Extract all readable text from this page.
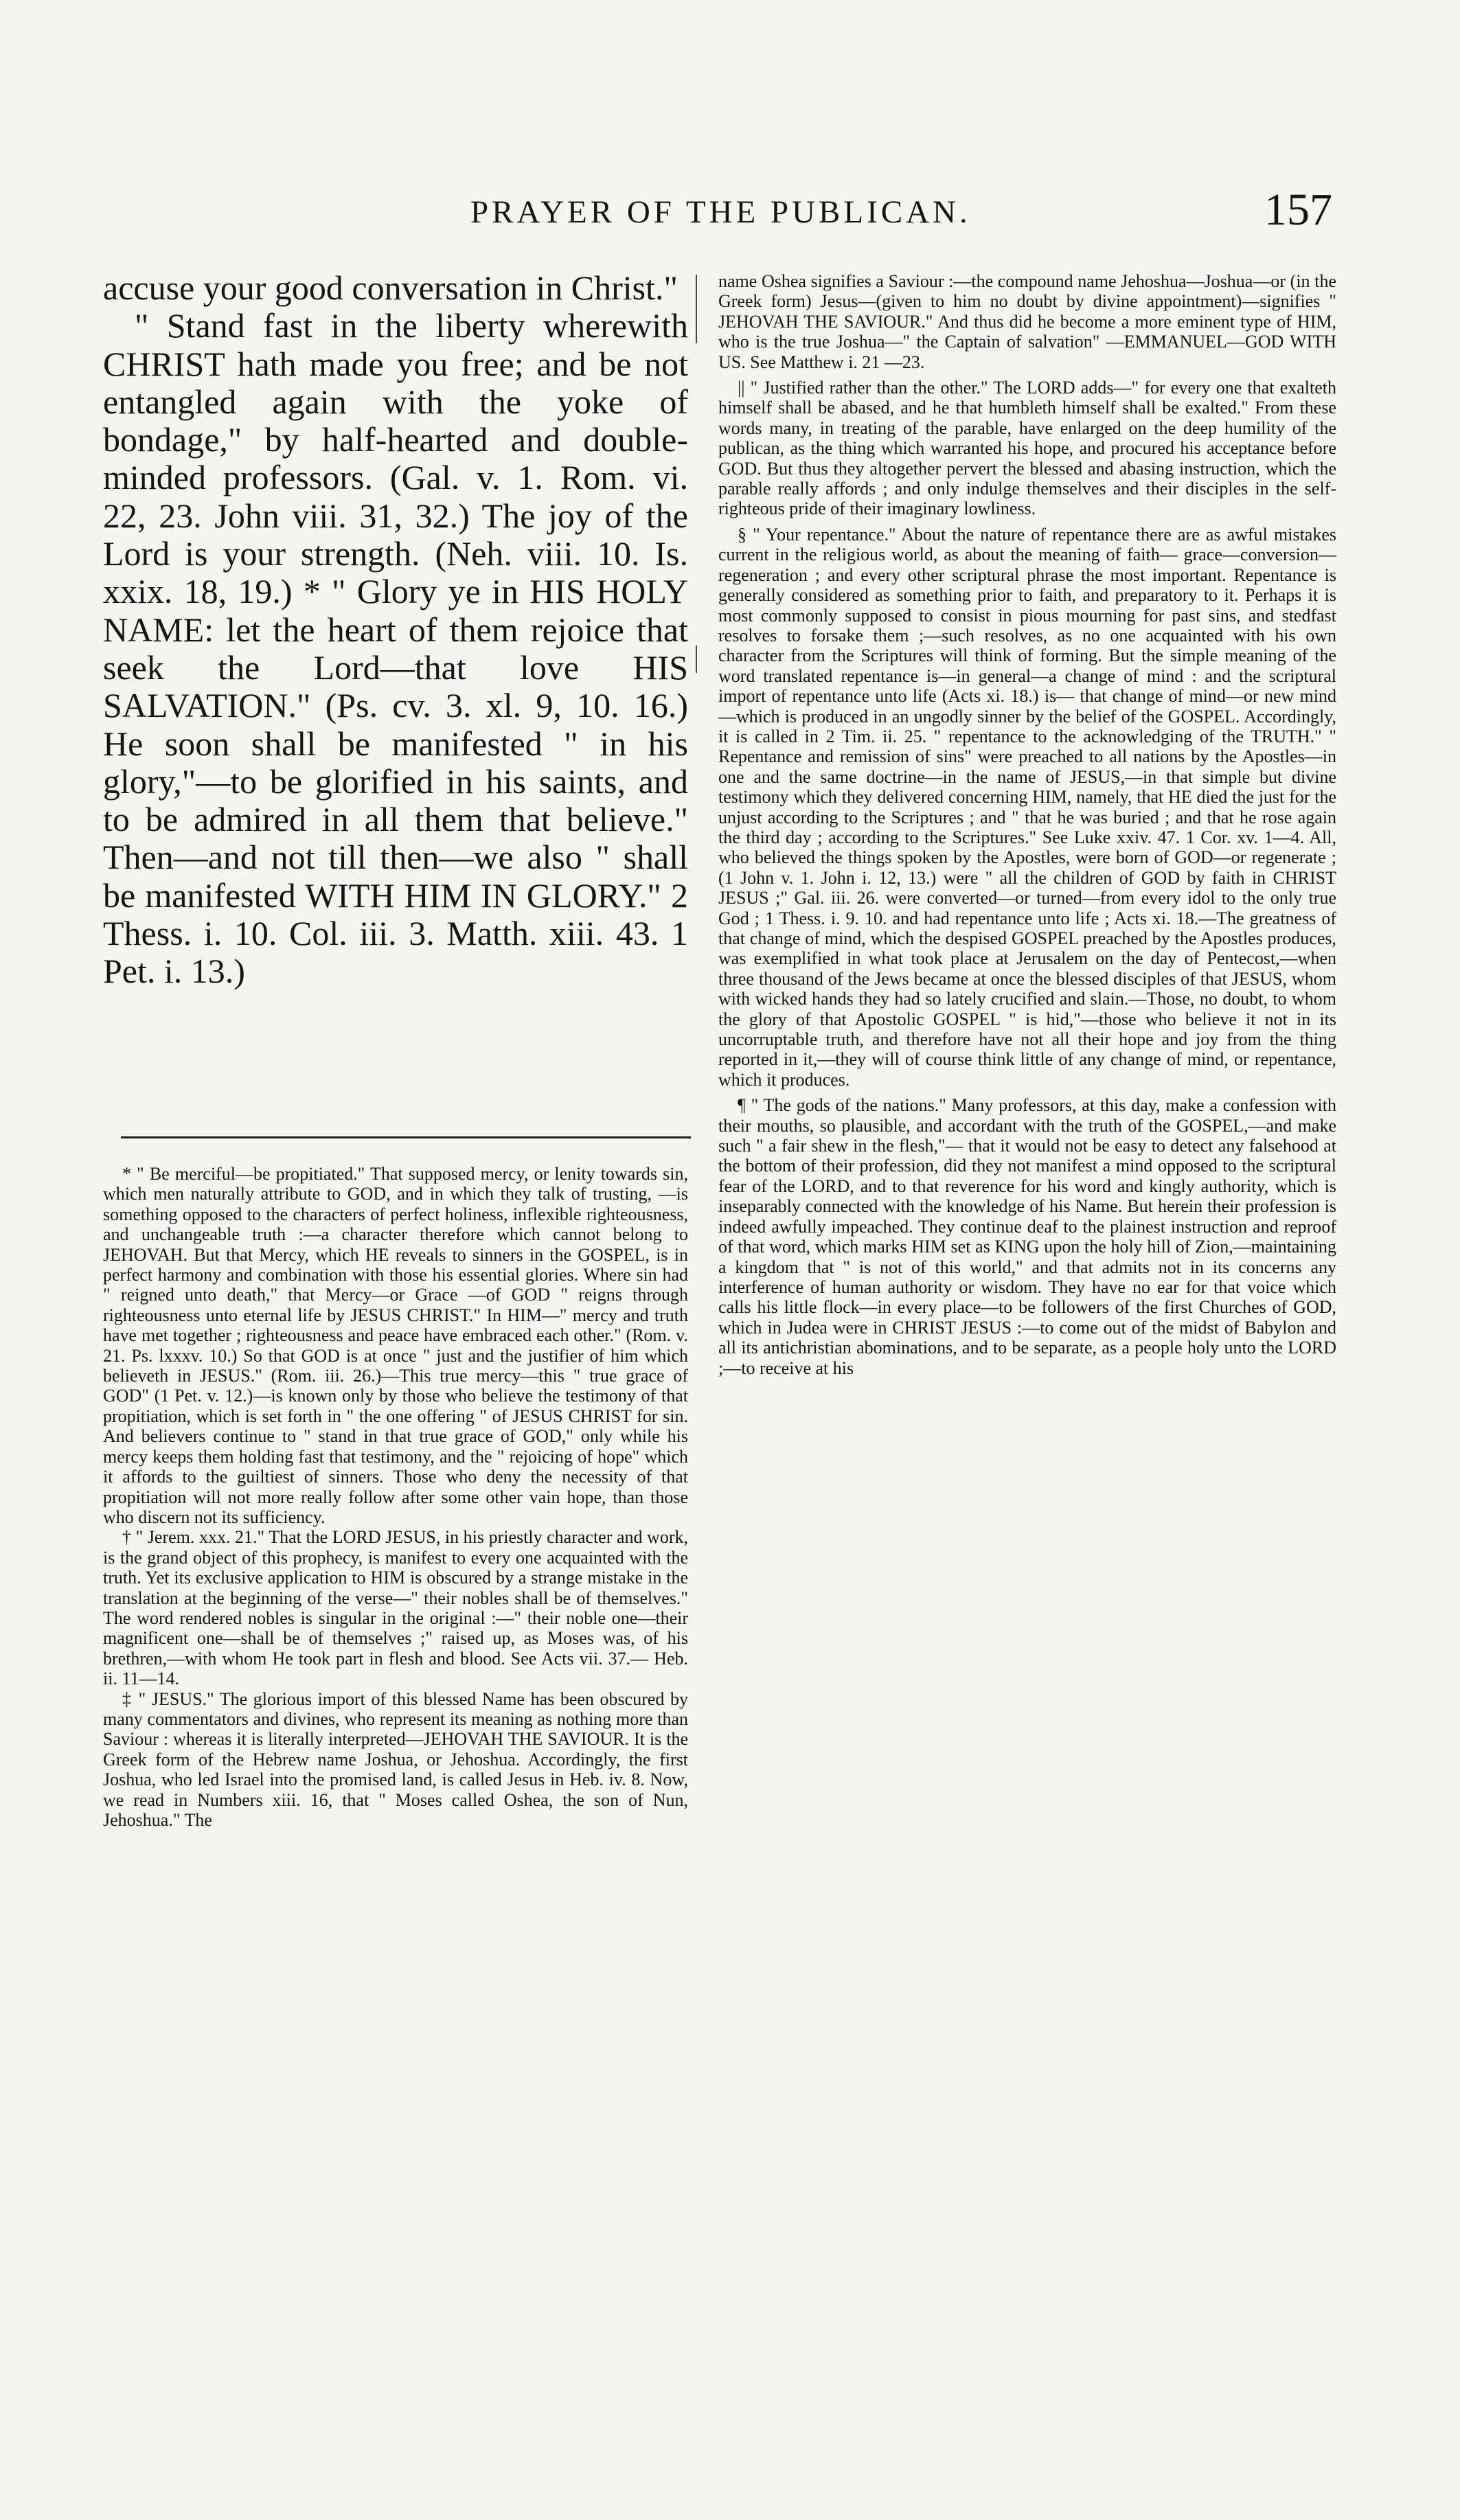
PRAYER OF THE PUBLICAN.	157

accuse your good conversation in Christ."

" Stand fast in the liberty wherewith CHRIST hath made you free; and be not entangled again with the yoke of bondage," by half-hearted and double-minded professors. (Gal. v. 1. Rom. vi. 22, 23. John viii. 31, 32.) The joy of the Lord is your strength. (Neh. viii. 10. Is. xxix. 18, 19.) * " Glory ye in HIS HOLY NAME: let the heart of them rejoice that seek the Lord—that love HIS SALVATION." (Ps. cv. 3. xl. 9, 10. 16.) He soon shall be manifested " in his glory,"—to be glorified in his saints, and to be admired in all them that believe." Then—and not till then—we also " shall be manifested WITH HIM IN GLORY." 2 Thess. i. 10. Col. iii. 3. Matth. xiii. 43. 1 Pet. i. 13.)

* " Be merciful—be propitiated." That supposed mercy, or lenity towards sin, which men naturally attribute to GOD, and in which they talk of trusting, —is something opposed to the characters of perfect holiness, inflexible righteousness, and unchangeable truth :—a character therefore which cannot belong to JEHOVAH. But that Mercy, which HE reveals to sinners in the GOSPEL, is in perfect harmony and combination with those his essential glories. Where sin had " reigned unto death," that Mercy—or Grace —of GOD " reigns through righteousness unto eternal life by JESUS CHRIST." In HIM—" mercy and truth have met together ; righteousness and peace have embraced each other." (Rom. v. 21. Ps. lxxxv. 10.) So that GOD is at once " just and the justifier of him which believeth in JESUS." (Rom. iii. 26.)—This true mercy—this " true grace of GOD" (1 Pet. v. 12.)—is known only by those who believe the testimony of that propitiation, which is set forth in " the one offering " of JESUS CHRIST for sin. And believers continue to " stand in that true grace of GOD," only while his mercy keeps them holding fast that testimony, and the " rejoicing of hope" which it affords to the guiltiest of sinners. Those who deny the necessity of that propitiation will not more really follow after some other vain hope, than those who discern not its sufficiency.

† " Jerem. xxx. 21." That the LORD JESUS, in his priestly character and work, is the grand object of this prophecy, is manifest to every one acquainted with the truth. Yet its exclusive application to HIM is obscured by a strange mistake in the translation at the beginning of the verse—" their nobles shall be of themselves." The word rendered nobles is singular in the original :—" their noble one—their magnificent one—shall be of themselves ;" raised up, as Moses was, of his brethren,—with whom He took part in flesh and blood. See Acts vii. 37.— Heb. ii. 11—14.

‡ " JESUS." The glorious import of this blessed Name has been obscured by many commentators and divines, who represent its meaning as nothing more than Saviour : whereas it is literally interpreted—JEHOVAH THE SAVIOUR. It is the Greek form of the Hebrew name Joshua, or Jehoshua. Accordingly, the first Joshua, who led Israel into the promised land, is called Jesus in Heb. iv. 8. Now, we read in Numbers xiii. 16, that " Moses called Oshea, the son of Nun, Jehoshua." The

name Oshea signifies a Saviour :—the compound name Jehoshua—Joshua—or (in the Greek form) Jesus—(given to him no doubt by divine appointment)—signifies " JEHOVAH THE SAVIOUR." And thus did he become a more eminent type of HIM, who is the true Joshua—" the Captain of salvation" —EMMANUEL—GOD WITH US. See Matthew i. 21 —23.

|| " Justified rather than the other." The LORD adds—" for every one that exalteth himself shall be abased, and he that humbleth himself shall be exalted." From these words many, in treating of the parable, have enlarged on the deep humility of the publican, as the thing which warranted his hope, and procured his acceptance before GOD. But thus they altogether pervert the blessed and abasing instruction, which the parable really affords ; and only indulge themselves and their disciples in the self-righteous pride of their imaginary lowliness.

§ " Your repentance." About the nature of repentance there are as awful mistakes current in the religious world, as about the meaning of faith— grace—conversion—regeneration ; and every other scriptural phrase the most important. Repentance is generally considered as something prior to faith, and preparatory to it. Perhaps it is most commonly supposed to consist in pious mourning for past sins, and stedfast resolves to forsake them ;—such resolves, as no one acquainted with his own character from the Scriptures will think of forming. But the simple meaning of the word translated repentance is—in general—a change of mind : and the scriptural import of repentance unto life (Acts xi. 18.) is— that change of mind—or new mind—which is produced in an ungodly sinner by the belief of the GOSPEL. Accordingly, it is called in 2 Tim. ii. 25. " repentance to the acknowledging of the TRUTH." " Repentance and remission of sins" were preached to all nations by the Apostles—in one and the same doctrine—in the name of JESUS,—in that simple but divine testimony which they delivered concerning HIM, namely, that HE died the just for the unjust according to the Scriptures ; and " that he was buried ; and that he rose again the third day ; according to the Scriptures." See Luke xxiv. 47. 1 Cor. xv. 1—4. All, who believed the things spoken by the Apostles, were born of GOD—or regenerate ; (1 John v. 1. John i. 12, 13.) were " all the children of GOD by faith in CHRIST JESUS ;" Gal. iii. 26. were converted—or turned—from every idol to the only true God ; 1 Thess. i. 9. 10. and had repentance unto life ; Acts xi. 18.—The greatness of that change of mind, which the despised GOSPEL preached by the Apostles produces, was exemplified in what took place at Jerusalem on the day of Pentecost,—when three thousand of the Jews became at once the blessed disciples of that JESUS, whom with wicked hands they had so lately crucified and slain.—Those, no doubt, to whom the glory of that Apostolic GOSPEL " is hid,"—those who believe it not in its uncorruptable truth, and therefore have not all their hope and joy from the thing reported in it,—they will of course think little of any change of mind, or repentance, which it produces.

¶ " The gods of the nations." Many professors, at this day, make a confession with their mouths, so plausible, and accordant with the truth of the GOSPEL,—and make such " a fair shew in the flesh,"— that it would not be easy to detect any falsehood at the bottom of their profession, did they not manifest a mind opposed to the scriptural fear of the LORD, and to that reverence for his word and kingly authority, which is inseparably connected with the knowledge of his Name. But herein their profession is indeed awfully impeached. They continue deaf to the plainest instruction and reproof of that word, which marks HIM set as KING upon the holy hill of Zion,—maintaining a kingdom that " is not of this world," and that admits not in its concerns any interference of human authority or wisdom. They have no ear for that voice which calls his little flock—in every place—to be followers of the first Churches of GOD, which in Judea were in CHRIST JESUS :—to come out of the midst of Babylon and all its antichristian abominations, and to be separate, as a people holy unto the LORD ;—to receive at his
